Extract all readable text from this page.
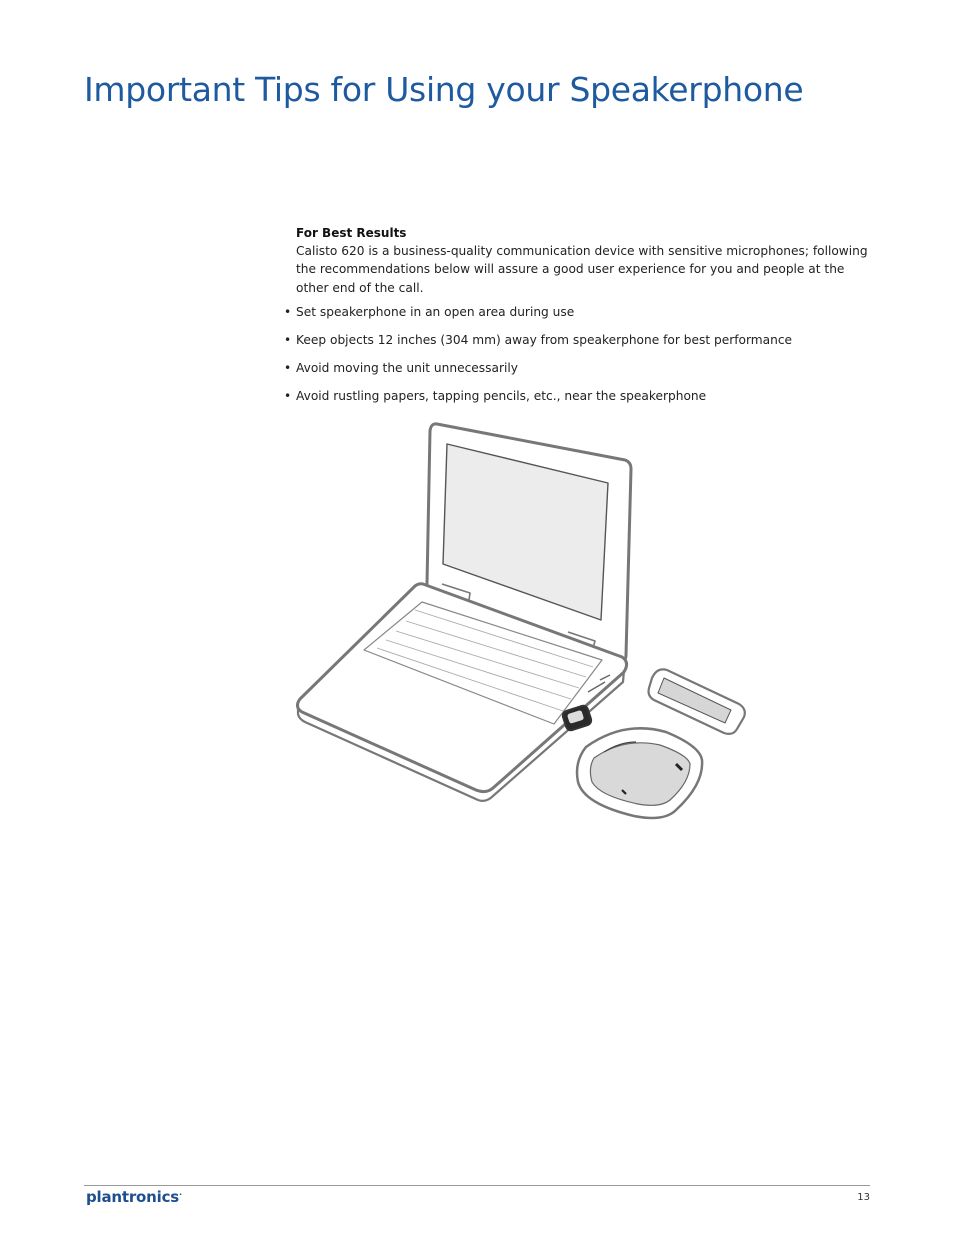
Important Tips for Using your Speakerphone

For Best Results

Calisto 620 is a business-quality communication device with sensitive microphones; following the recommendations below will assure a good user experience for you and people at the other end of the call.

• Set speakerphone in an open area during use
• Keep objects 12 inches (304 mm) away from speakerphone for best performance
• Avoid moving the unit unnecessarily
• Avoid rustling papers, tapping pencils, etc., near the speakerphone
plantronics.	13
